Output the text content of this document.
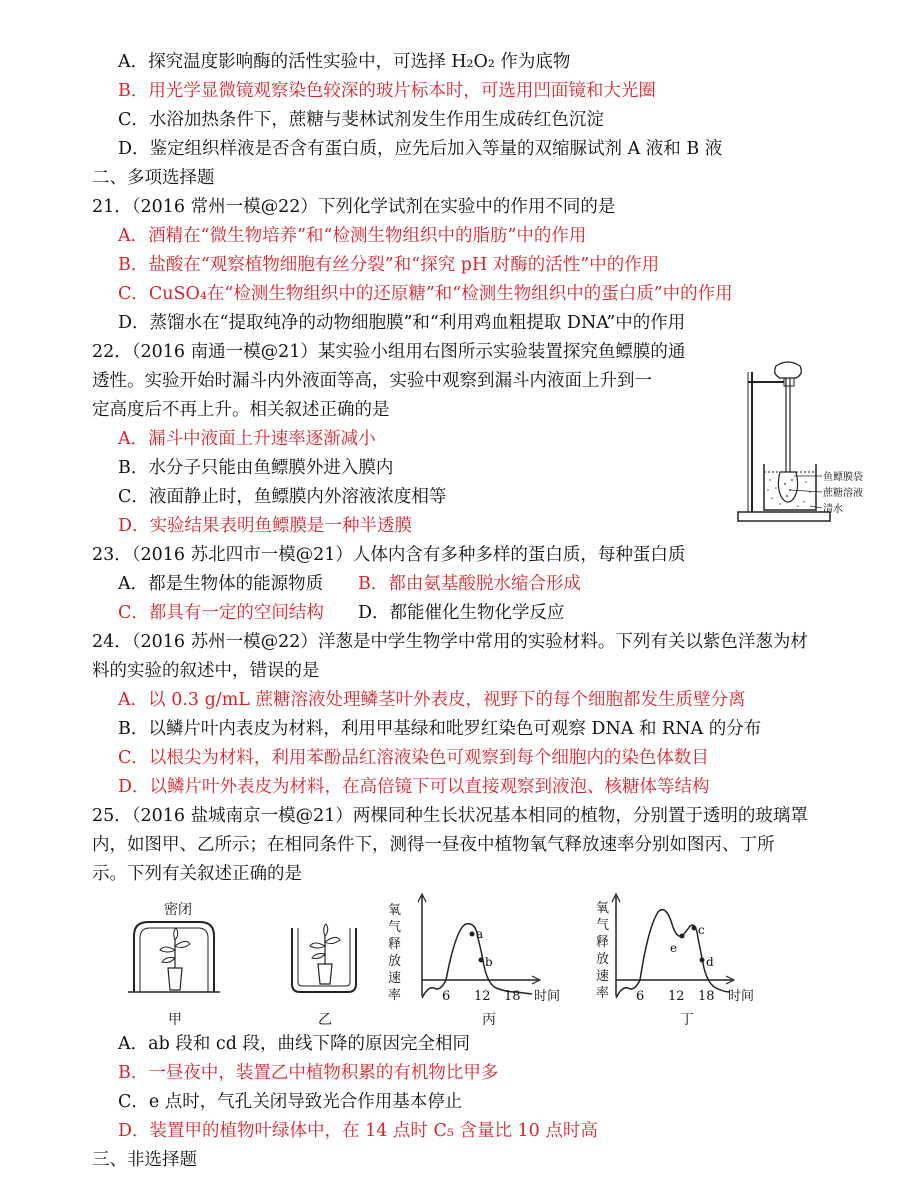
A．探究温度影响酶的活性实验中，可选择 H₂O₂ 作为底物
B．用光学显微镜观察染色较深的玻片标本时，可选用凹面镜和大光圈
C．水浴加热条件下，蔗糖与斐林试剂发生作用生成砖红色沉淀
D．鉴定组织样液是否含有蛋白质，应先后加入等量的双缩脲试剂 A 液和 B 液
二、多项选择题
21．（2016 常州一模@22）下列化学试剂在实验中的作用不同的是
A．酒精在“微生物培养”和“检测生物组织中的脂肪”中的作用
B．盐酸在“观察植物细胞有丝分裂”和“探究 pH 对酶的活性”中的作用
C．CuSO₄在“检测生物组织中的还原糖”和“检测生物组织中的蛋白质”中的作用
D．蒸馏水在“提取纯净的动物细胞膜”和“利用鸡血粗提取 DNA”中的作用
22．（2016 南通一模@21）某实验小组用右图所示实验装置探究鱼鳔膜的通
透性。实验开始时漏斗内外液面等高，实验中观察到漏斗内液面上升到一
定高度后不再上升。相关叙述正确的是
A．漏斗中液面上升速率逐渐减小
B．水分子只能由鱼鳔膜外进入膜内
C．液面静止时，鱼鳔膜内外溶液浓度相等
D．实验结果表明鱼鳔膜是一种半透膜
鱼鳔膜袋
蔗糖溶液
清水
23．（2016 苏北四市一模@21）人体内含有多种多样的蛋白质，每种蛋白质
A．都是生物体的能源物质 B．都由氨基酸脱水缩合形成
C．都具有一定的空间结构 D．都能催化生物化学反应
24．（2016 苏州一模@22）洋葱是中学生物学中常用的实验材料。下列有关以紫色洋葱为材
料的实验的叙述中，错误的是
A．以 0.3 g/mL 蔗糖溶液处理鳞茎叶外表皮，视野下的每个细胞都发生质壁分离
B．以鳞片叶内表皮为材料，利用甲基绿和吡罗红染色可观察 DNA 和 RNA 的分布
C．以根尖为材料，利用苯酚品红溶液染色可观察到每个细胞内的染色体数目
D．以鳞片叶外表皮为材料，在高倍镜下可以直接观察到液泡、核糖体等结构
25．（2016 盐城南京一模@21）两棵同种生长状况基本相同的植物，分别置于透明的玻璃罩
内，如图甲、乙所示；在相同条件下，测得一昼夜中植物氧气释放速率分别如图丙、丁所
示。下列有关叙述正确的是
密闭
甲	乙
氧
气
释
放
速
率
a
b
6 12 18 时间
丙
氧
气
释
放
速
率
e
c
d
6 12 18 时间
丁
A．ab 段和 cd 段，曲线下降的原因完全相同
B．一昼夜中，装置乙中植物积累的有机物比甲多
C．e 点时，气孔关闭导致光合作用基本停止
D．装置甲的植物叶绿体中，在 14 点时 C₅ 含量比 10 点时高
三、非选择题
